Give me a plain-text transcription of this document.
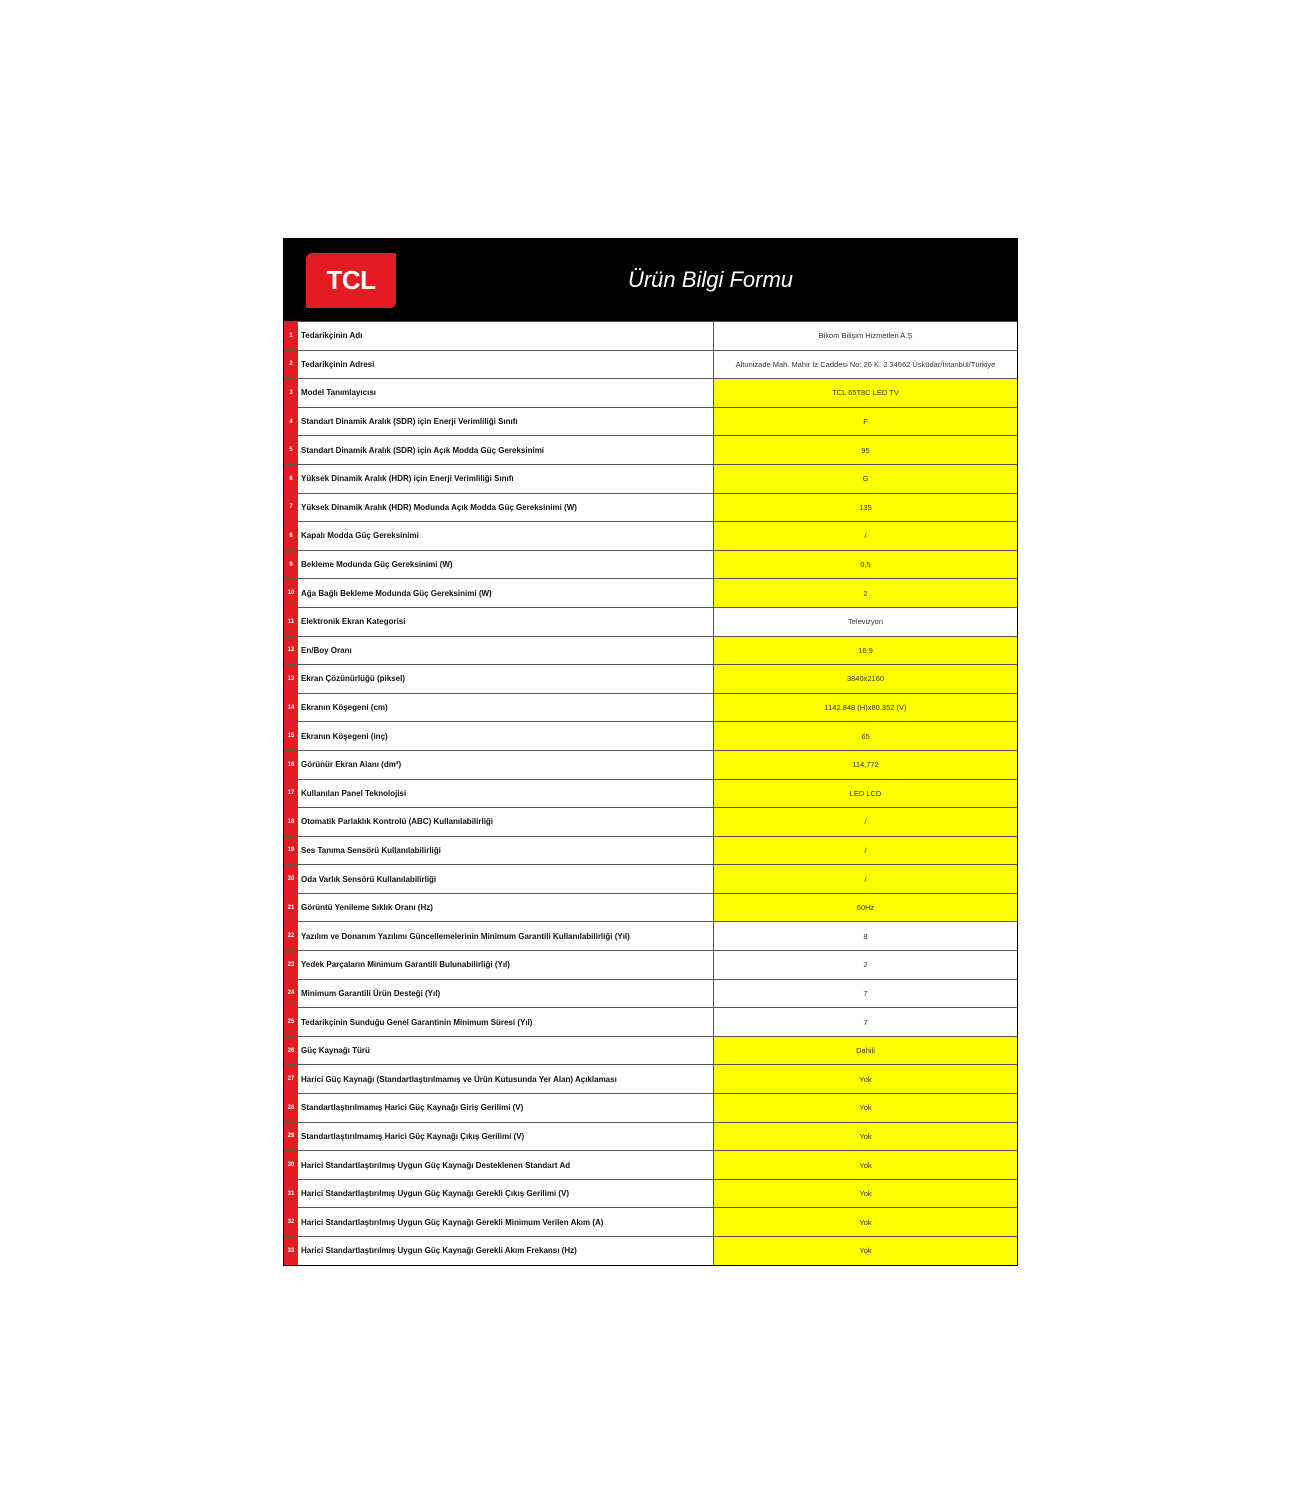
TCL	Ürün Bilgi Formu
1	Tedarikçinin Adı	Bikom Bilişim Hizmetleri A.Ş
2	Tedarikçinin Adresi	Altunizade Mah. Mahir İz Caddesi No: 26 K: 2 34662 Üsküdar/İstanbul/Türkiye
3	Model Tanımlayıcısı	TCL 65T8C LED TV
4	Standart Dinamik Aralık (SDR) için Enerji Verimliliği Sınıfı	F
5	Standart Dinamik Aralık (SDR) için Açık Modda Güç Gereksinimi	95
6	Yüksek Dinamik Aralık (HDR) için Enerji Verimliliği Sınıfı	G
7	Yüksek Dinamik Aralık (HDR) Modunda Açık Modda Güç Gereksinimi (W)	135
8	Kapalı Modda Güç Gereksinimi	/
9	Bekleme Modunda Güç Gereksinimi (W)	0,5
10 Ağa Bağlı Bekleme Modunda Güç Gereksinimi (W)	2
11 Elektronik Ekran Kategorisi	Televizyon
12 En/Boy Oranı	16:9
13 Ekran Çözünürlüğü (piksel)	3840x2160
14 Ekranın Köşegeni (cm)	1142.848 (H)x80.352 (V)
15 Ekranın Köşegeni (inç)	65
16 Görünür Ekran Alanı (dm²)	114,772
17 Kullanılan Panel Teknolojisi	LED LCD
18 Otomatik Parlaklık Kontrolü (ABC) Kullanılabilirliği	/
19 Ses Tanıma Sensörü Kullanılabilirliği	/
20 Oda Varlık Sensörü Kullanılabilirliği	/
21 Görüntü Yenileme Sıklık Oranı (Hz)	60Hz
22 Yazılım ve Donanım Yazılımı Güncellemelerinin Minimum Garantili Kullanılabilirliği (Yıl)	8
23 Yedek Parçaların Minimum Garantili Bulunabilirliği (Yıl)	2
24 Minimum Garantili Ürün Desteği (Yıl)	7
25 Tedarikçinin Sunduğu Genel Garantinin Minimum Süresi (Yıl)	7
26 Güç Kaynağı Türü	Dahili
27 Harici Güç Kaynağı (Standartlaştırılmamış ve Ürün Kutusunda Yer Alan) Açıklaması	Yok
28 Standartlaştırılmamış Harici Güç Kaynağı Giriş Gerilimi (V)	Yok
29 Standartlaştırılmamış Harici Güç Kaynağı Çıkış Gerilimi (V)	Yok
30 Harici Standartlaştırılmış Uygun Güç Kaynağı Desteklenen Standart Ad	Yok
31 Harici Standartlaştırılmış Uygun Güç Kaynağı Gerekli Çıkış Gerilimi (V)	Yok
32 Harici Standartlaştırılmış Uygun Güç Kaynağı Gerekli Minimum Verilen Akım (A)	Yok
33 Harici Standartlaştırılmış Uygun Güç Kaynağı Gerekli Akım Frekansı (Hz)	Yok
